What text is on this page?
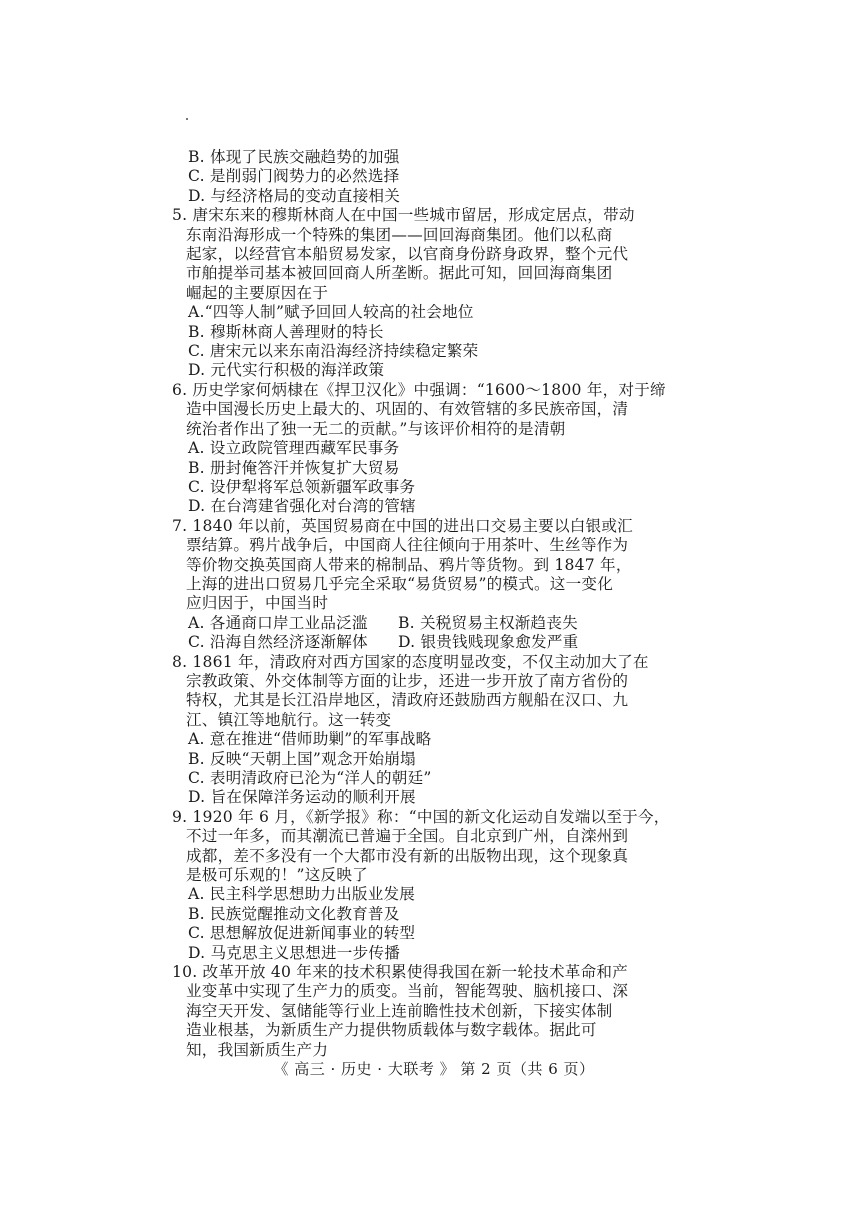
B. 体现了民族交融趋势的加强
C. 是削弱门阀势力的必然选择
D. 与经济格局的变动直接相关
5. 唐宋东来的穆斯林商人在中国一些城市留居，形成定居点，带动
东南沿海形成一个特殊的集团——回回海商集团。他们以私商
起家，以经营官本船贸易发家，以官商身份跻身政界，整个元代
市舶提举司基本被回回商人所垄断。据此可知，回回海商集团
崛起的主要原因在于
A.“四等人制”赋予回回人较高的社会地位
B. 穆斯林商人善理财的特长
C. 唐宋元以来东南沿海经济持续稳定繁荣
D. 元代实行积极的海洋政策
6. 历史学家何炳棣在《捍卫汉化》中强调：“1600～1800 年，对于缔
造中国漫长历史上最大的、巩固的、有效管辖的多民族帝国，清
统治者作出了独一无二的贡献。”与该评价相符的是清朝
A. 设立政院管理西藏军民事务
B. 册封俺答汗并恢复扩大贸易
C. 设伊犁将军总领新疆军政事务
D. 在台湾建省强化对台湾的管辖
7. 1840 年以前，英国贸易商在中国的进出口交易主要以白银或汇
票结算。鸦片战争后，中国商人往往倾向于用茶叶、生丝等作为
等价物交换英国商人带来的棉制品、鸦片等货物。到 1847 年，
上海的进出口贸易几乎完全采取“易货贸易”的模式。这一变化
应归因于，中国当时
A. 各通商口岸工业品泛滥	B. 关税贸易主权渐趋丧失
C. 沿海自然经济逐渐解体	D. 银贵钱贱现象愈发严重
8. 1861 年，清政府对西方国家的态度明显改变，不仅主动加大了在
宗教政策、外交体制等方面的让步，还进一步开放了南方省份的
特权，尤其是长江沿岸地区，清政府还鼓励西方舰船在汉口、九
江、镇江等地航行。这一转变
A. 意在推进“借师助剿”的军事战略
B. 反映“天朝上国”观念开始崩塌
C. 表明清政府已沦为“洋人的朝廷”
D. 旨在保障洋务运动的顺利开展
9. 1920 年 6 月，《新学报》称：“中国的新文化运动自发端以至于今，
不过一年多，而其潮流已普遍于全国。自北京到广州，自滦州到
成都，差不多没有一个大都市没有新的出版物出现，这个现象真
是极可乐观的！”这反映了
A. 民主科学思想助力出版业发展
B. 民族觉醒推动文化教育普及
C. 思想解放促进新闻事业的转型
D. 马克思主义思想进一步传播
10. 改革开放 40 年来的技术积累使得我国在新一轮技术革命和产
业变革中实现了生产力的质变。当前，智能驾驶、脑机接口、深
海空天开发、氢储能等行业上连前瞻性技术创新，下接实体制
造业根基，为新质生产力提供物质载体与数字载体。据此可
知，我国新质生产力
《 高三 · 历史 · 大联考 》 第 2 页（共 6 页）
